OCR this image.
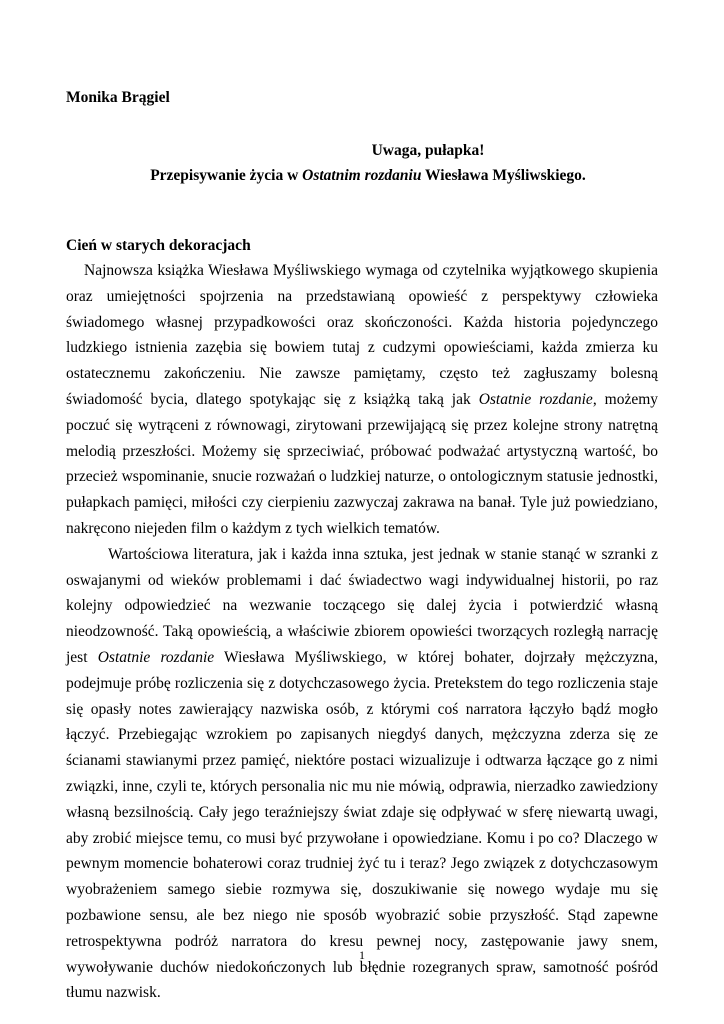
Monika Brągiel

Uwaga, pułapka!
Przepisywanie życia w Ostatnim rozdaniu Wiesława Myśliwskiego.

Cień w starych dekoracjach

Najnowsza książka Wiesława Myśliwskiego wymaga od czytelnika wyjątkowego skupienia oraz umiejętności spojrzenia na przedstawianą opowieść z perspektywy człowieka świadomego własnej przypadkowości oraz skończoności. Każda historia pojedynczego ludzkiego istnienia zazębia się bowiem tutaj z cudzymi opowieściami, każda zmierza ku ostatecznemu zakończeniu. Nie zawsze pamiętamy, często też zagłuszamy bolesną świadomość bycia, dlatego spotykając się z książką taką jak Ostatnie rozdanie, możemy poczuć się wytrąceni z równowagi, zirytowani przewijającą się przez kolejne strony natrętną melodią przeszłości. Możemy się sprzeciwiać, próbować podważać artystyczną wartość, bo przecież wspominanie, snucie rozważań o ludzkiej naturze, o ontologicznym statusie jednostki, pułapkach pamięci, miłości czy cierpieniu zazwyczaj zakrawa na banał. Tyle już powiedziano, nakręcono niejeden film o każdym z tych wielkich tematów.

Wartościowa literatura, jak i każda inna sztuka, jest jednak w stanie stanąć w szranki z oswajanymi od wieków problemami i dać świadectwo wagi indywidualnej historii, po raz kolejny odpowiedzieć na wezwanie toczącego się dalej życia i potwierdzić własną nieodzowność. Taką opowieścią, a właściwie zbiorem opowieści tworzących rozległą narrację jest Ostatnie rozdanie Wiesława Myśliwskiego, w której bohater, dojrzały mężczyzna, podejmuje próbę rozliczenia się z dotychczasowego życia. Pretekstem do tego rozliczenia staje się opasły notes zawierający nazwiska osób, z którymi coś narratora łączyło bądź mogło łączyć. Przebiegając wzrokiem po zapisanych niegdyś danych, mężczyzna zderza się ze ścianami stawianymi przez pamięć, niektóre postaci wizualizuje i odtwarza łączące go z nimi związki, inne, czyli te, których personalia nic mu nie mówią, odprawia, nierzadko zawiedziony własną bezsilnością. Cały jego teraźniejszy świat zdaje się odpływać w sferę niewartą uwagi, aby zrobić miejsce temu, co musi być przywołane i opowiedziane. Komu i po co? Dlaczego w pewnym momencie bohaterowi coraz trudniej żyć tu i teraz? Jego związek z dotychczasowym wyobrażeniem samego siebie rozmywa się, doszukiwanie się nowego wydaje mu się pozbawione sensu, ale bez niego nie sposób wyobrazić sobie przyszłość. Stąd zapewne retrospektywna podróż narratora do kresu pewnej nocy, zastępowanie jawy snem, wywoływanie duchów niedokończonych lub błędnie rozegranych spraw, samotność pośród tłumu nazwisk.

1
